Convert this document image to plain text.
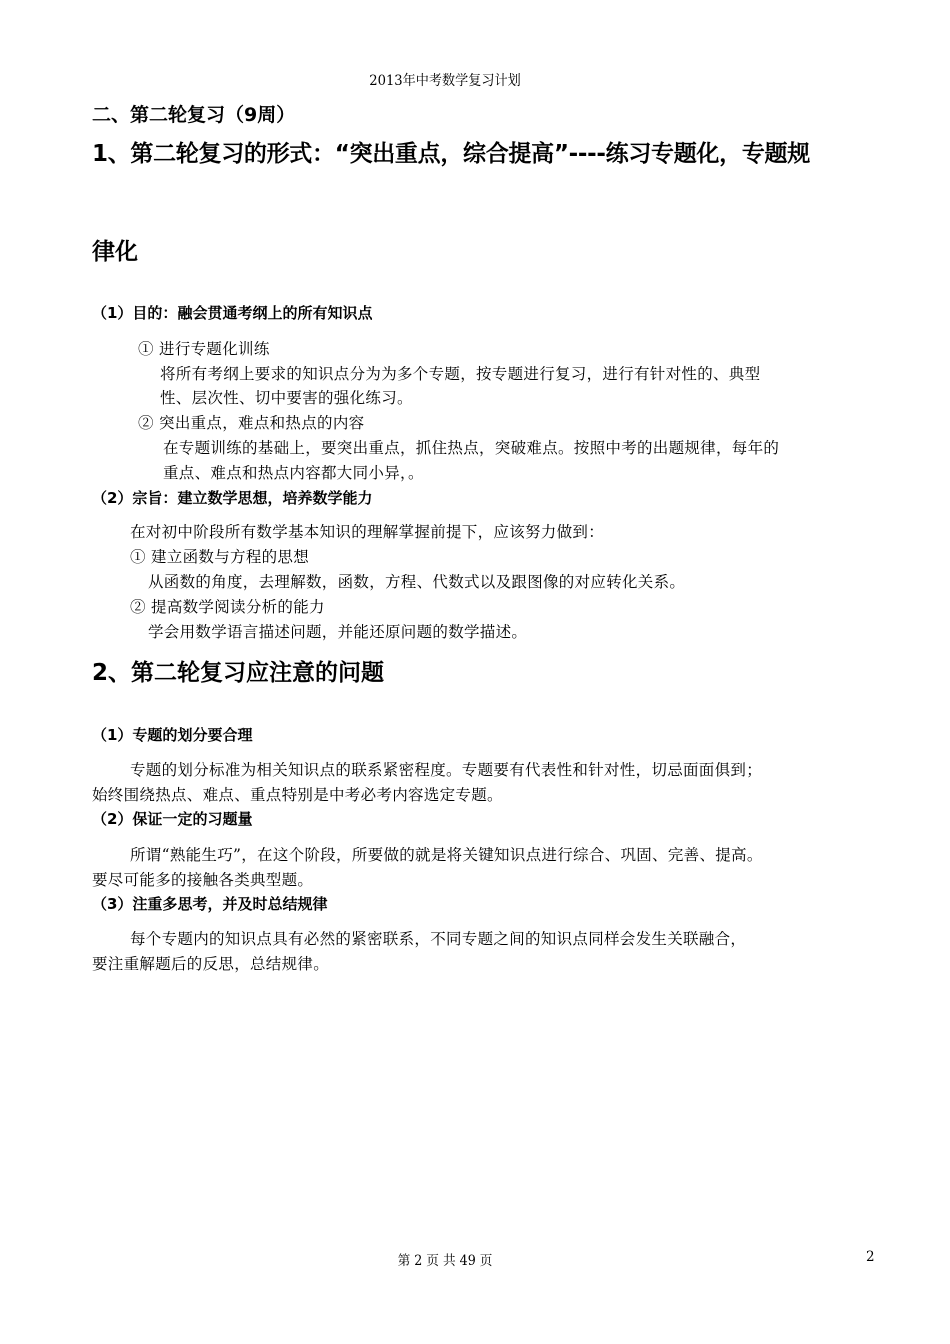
2013年中考数学复习计划
二、第二轮复习（9周）
1、第二轮复习的形式：“突出重点，综合提高”----练习专题化，专题规
律化
（1）目的：融会贯通考纲上的所有知识点
① 进行专题化训练
将所有考纲上要求的知识点分为为多个专题，按专题进行复习，进行有针对性的、典型
性、层次性、切中要害的强化练习。
② 突出重点，难点和热点的内容
在专题训练的基础上，要突出重点，抓住热点，突破难点。按照中考的出题规律，每年的
重点、难点和热点内容都大同小异，。
（2）宗旨：建立数学思想，培养数学能力
在对初中阶段所有数学基本知识的理解掌握前提下，应该努力做到：
① 建立函数与方程的思想
从函数的角度，去理解数，函数，方程、代数式以及跟图像的对应转化关系。
② 提高数学阅读分析的能力
学会用数学语言描述问题，并能还原问题的数学描述。
2、第二轮复习应注意的问题
（1）专题的划分要合理
专题的划分标准为相关知识点的联系紧密程度。专题要有代表性和针对性，切忌面面俱到；
始终围绕热点、难点、重点特别是中考必考内容选定专题。
（2）保证一定的习题量
所谓“熟能生巧”，在这个阶段，所要做的就是将关键知识点进行综合、巩固、完善、提高。
要尽可能多的接触各类典型题。
（3）注重多思考，并及时总结规律
每个专题内的知识点具有必然的紧密联系，不同专题之间的知识点同样会发生关联融合，
要注重解题后的反思，总结规律。
第 2 页 共 49 页	2
